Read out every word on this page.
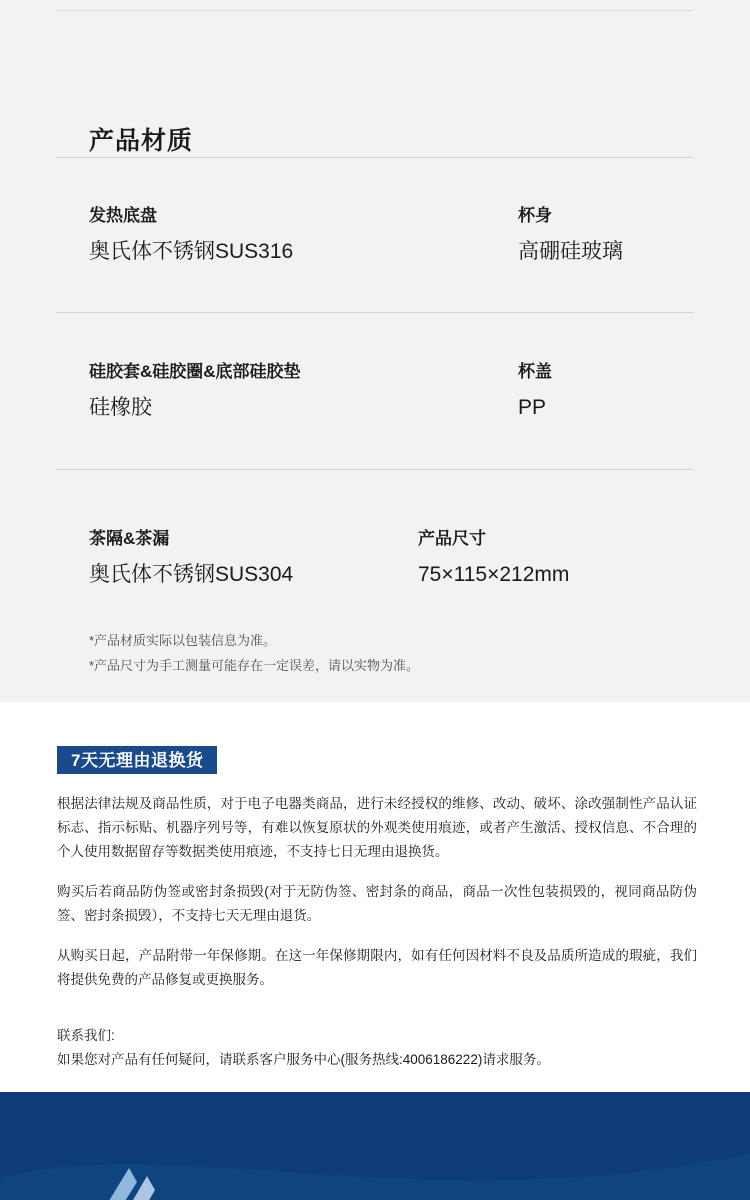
产品材质
发热底盘
奥氏体不锈钢SUS316
杯身
高硼硅玻璃
硅胶套&硅胶圈&底部硅胶垫
硅橡胶
杯盖
PP
茶隔&茶漏
奥氏体不锈钢SUS304
产品尺寸
75×115×212mm
*产品材质实际以包装信息为准。
*产品尺寸为手工测量可能存在一定误差，请以实物为准。
7天无理由退换货

根据法律法规及商品性质，对于电子电器类商品，进行未经授权的维修、改动、破坏、涂改强制性产品认证标志、指示标贴、机器序列号等，有难以恢复原状的外观类使用痕迹，或者产生激活、授权信息、不合理的个人使用数据留存等数据类使用痕迹，不支持七日无理由退换货。

购买后若商品防伪签或密封条损毁(对于无防伪签、密封条的商品，商品一次性包装损毁的，视同商品防伪签、密封条损毁），不支持七天无理由退货。

从购买日起，产品附带一年保修期。在这一年保修期限内，如有任何因材料不良及品质所造成的瑕疵，我们将提供免费的产品修复或更换服务。

联系我们:
如果您对产品有任何疑问，请联系客户服务中心(服务热线:4006186222)请求服务。
